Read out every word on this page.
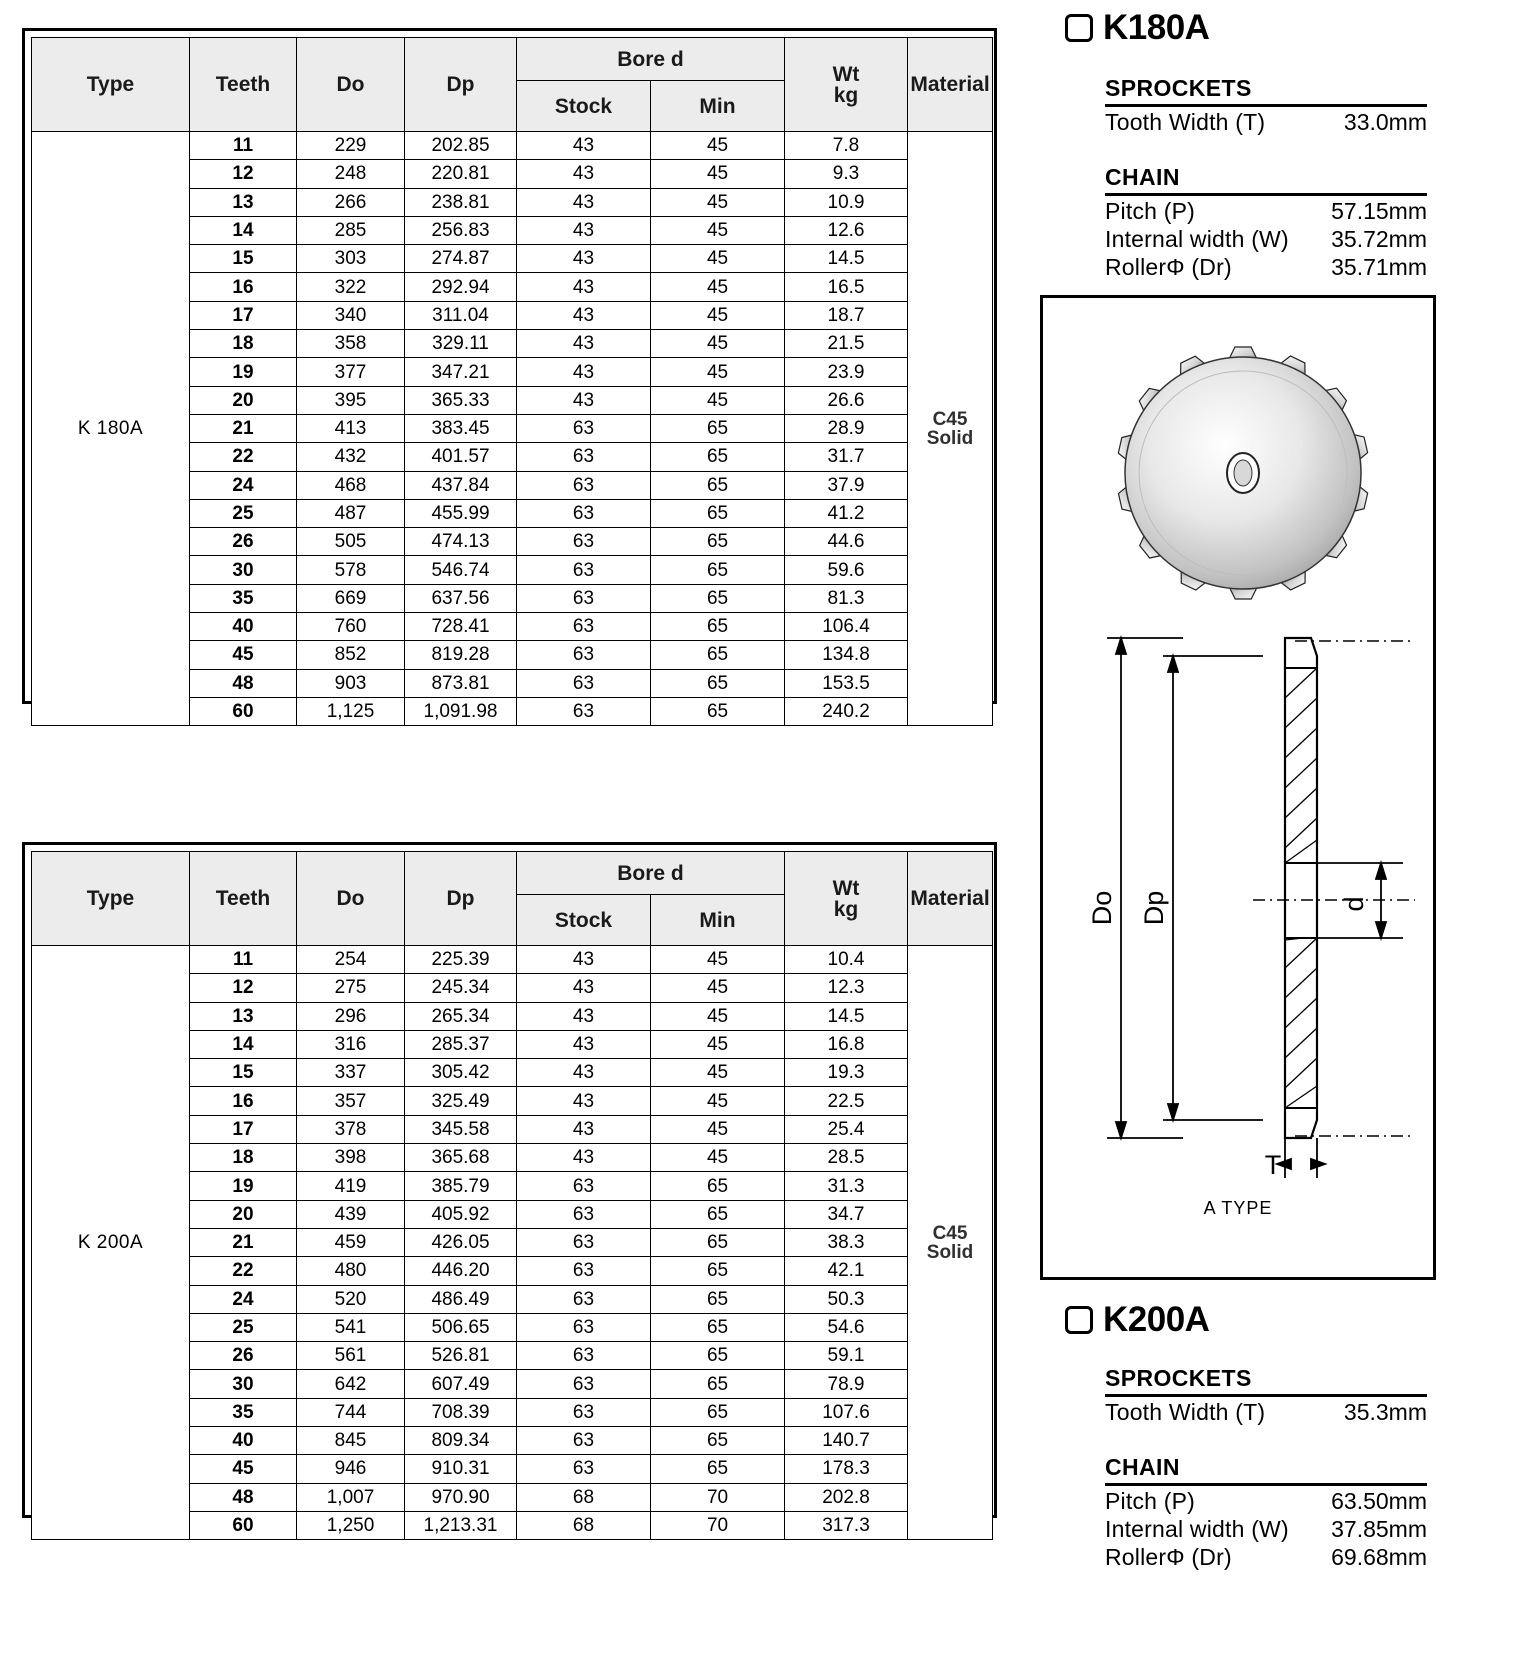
Type	Teeth	Do	Dp	Bore d		Wt
kg	Material
				Stock	Min		
K 180A	11	229	202.85	43	45	7.8	C45
Solid
	12	248	220.81	43	45	9.3	
	13	266	238.81	43	45	10.9	
	14	285	256.83	43	45	12.6	
	15	303	274.87	43	45	14.5	
	16	322	292.94	43	45	16.5	
	17	340	311.04	43	45	18.7	
	18	358	329.11	43	45	21.5	
	19	377	347.21	43	45	23.9	
	20	395	365.33	43	45	26.6	
	21	413	383.45	63	65	28.9	
	22	432	401.57	63	65	31.7	
	24	468	437.84	63	65	37.9	
	25	487	455.99	63	65	41.2	
	26	505	474.13	63	65	44.6	
	30	578	546.74	63	65	59.6	
	35	669	637.56	63	65	81.3	
	40	760	728.41	63	65	106.4	
	45	852	819.28	63	65	134.8	
	48	903	873.81	63	65	153.5	
	60	1,125	1,091.98	63	65	240.2	
Type	Teeth	Do	Dp	Bore d		Wt
kg	Material
				Stock	Min		
K 200A	11	254	225.39	43	45	10.4	C45
Solid
	12	275	245.34	43	45	12.3	
	13	296	265.34	43	45	14.5	
	14	316	285.37	43	45	16.8	
	15	337	305.42	43	45	19.3	
	16	357	325.49	43	45	22.5	
	17	378	345.58	43	45	25.4	
	18	398	365.68	43	45	28.5	
	19	419	385.79	63	65	31.3	
	20	439	405.92	63	65	34.7	
	21	459	426.05	63	65	38.3	
	22	480	446.20	63	65	42.1	
	24	520	486.49	63	65	50.3	
	25	541	506.65	63	65	54.6	
	26	561	526.81	63	65	59.1	
	30	642	607.49	63	65	78.9	
	35	744	708.39	63	65	107.6	
	40	845	809.34	63	65	140.7	
	45	946	910.31	63	65	178.3	
	48	1,007	970.90	68	70	202.8	
	60	1,250	1,213.31	68	70	317.3	
K180A
SPROCKETS
Tooth Width (T)	33.0mm
CHAIN
Pitch (P)	57.15mm
Internal width (W) 35.72mm
RollerΦ (Dr)	35.71mm
Do Dp	d
T
A TYPE
K200A
SPROCKETS
Tooth Width (T)	35.3mm
CHAIN
Pitch (P)	63.50mm
Internal width (W) 37.85mm
RollerΦ (Dr)	69.68mm
